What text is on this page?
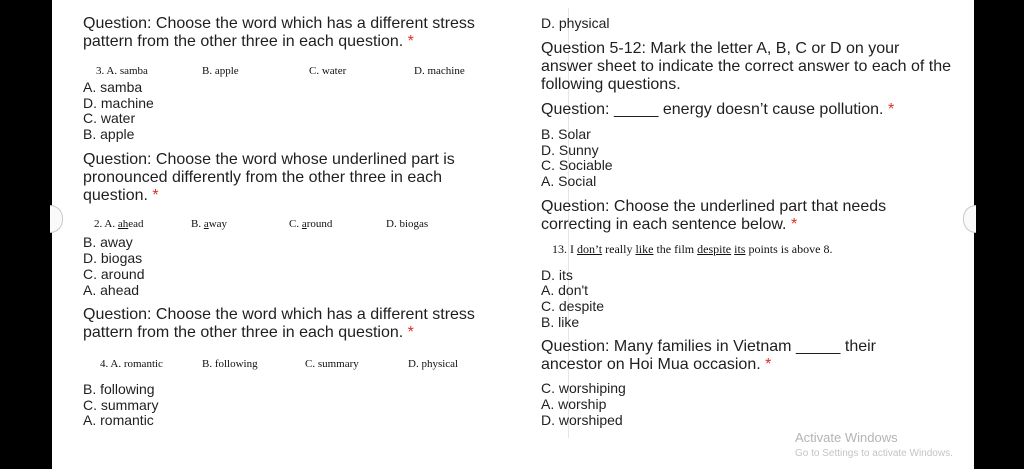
Question: Choose the word which has a different stress pattern from the other three in each question. *
3. A. samba	B. apple	C. water	D. machine
A. samba
D. machine
C. water
B. apple
Question: Choose the word whose underlined part is pronounced differently from the other three in each question. *
2. A. ahead	B. away	C. around	D. biogas
B. away
D. biogas
C. around
A. ahead
Question: Choose the word which has a different stress pattern from the other three in each question. *
4. A. romantic	B. following	C. summary	D. physical
B. following
C. summary
A. romantic
D. physical
Question 5-12: Mark the letter A, B, C or D on your answer sheet to indicate the correct answer to each of the following questions.
Question: _____ energy doesn’t cause pollution. *
B. Solar
D. Sunny
C. Sociable
A. Social
Question: Choose the underlined part that needs correcting in each sentence below. *
13. I don’t really like the film despite its points is above 8.
D. its
A. don't
C. despite
B. like
Question: Many families in Vietnam _____ their ancestor on Hoi Mua occasion. *
C. worshiping
A. worship
D. worshiped
Activate Windows
Go to Settings to activate Windows.
